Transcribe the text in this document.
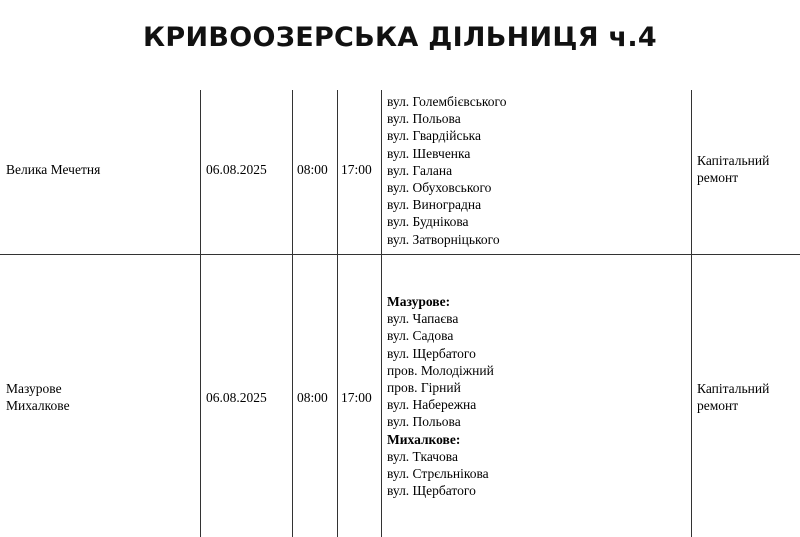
КРИВООЗЕРСЬКА ДІЛЬНИЦЯ ч.4
Велика Мечетня	06.08.2025 08:00 17:00
вул. Голембієвського
вул. Польова
вул. Гвардійська
вул. Шевченка
вул. Галана
вул. Обуховського
вул. Виноградна
вул. Буднікова
вул. Затворніцького
Капітальний
ремонт
Мазурове
Михалкове
06.08.2025 08:00 17:00
Мазурове:
вул. Чапаєва
вул. Садова
вул. Щербатого
пров. Молодіжний
пров. Гірний
вул. Набережна
вул. Польова
Михалкове:
вул. Ткачова
вул. Стрєльнікова
вул. Щербатого
Капітальний
ремонт
